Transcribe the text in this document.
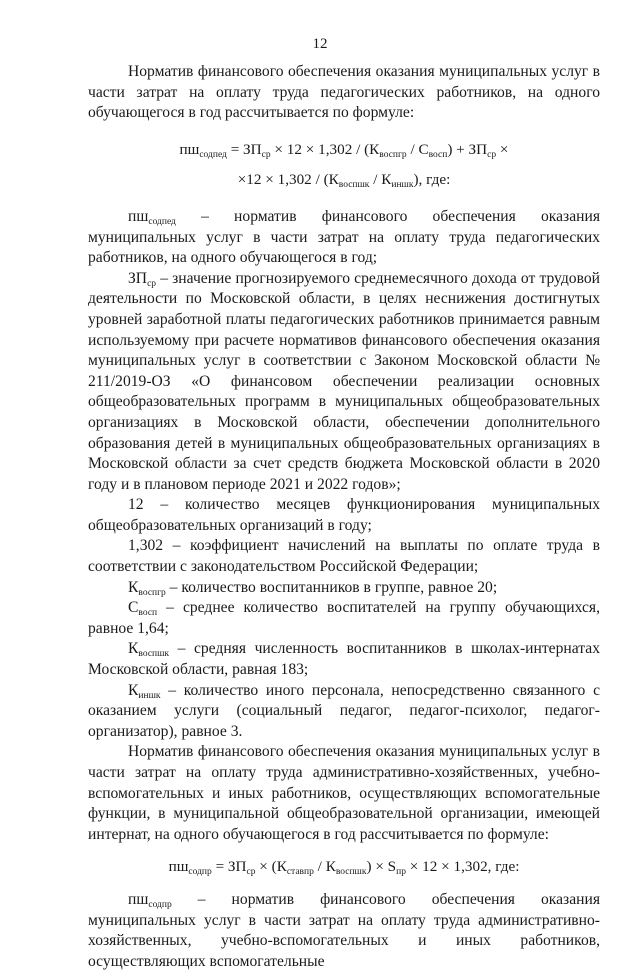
12

Норматив финансового обеспечения оказания муниципальных услуг в части затрат на оплату труда педагогических работников, на одного обучающегося в год рассчитывается по формуле:

$пш_{содпед} = ЗП_{ср} \times 12 \times 1,302 / (К_{воспгр} / С_{восп}) + ЗП_{ср}$ ×

$\times 12 \times 1,302 / (К_{воспшк} / К_{иншк})$, где:

$пш_{содпед}$ – норматив финансового обеспечения оказания муниципальных услуг в части затрат на оплату труда педагогических работников, на одного обучающегося в год;

$ЗП_{ср}$ – значение прогнозируемого среднемесячного дохода от трудовой деятельности по Московской области, в целях неснижения достигнутых уровней заработной платы педагогических работников принимается равным используемому при расчете нормативов финансового обеспечения оказания муниципальных услуг в соответствии с Законом Московской области № 211/2019-ОЗ «О финансовом обеспечении реализации основных общеобразовательных программ в муниципальных общеобразовательных организациях в Московской области, обеспечении дополнительного образования детей в муниципальных общеобразовательных организациях в Московской области за счет средств бюджета Московской области в 2020 году и в плановом периоде 2021 и 2022 годов»;

12 – количество месяцев функционирования муниципальных общеобразовательных организаций в году;

1,302 – коэффициент начислений на выплаты по оплате труда в соответствии с законодательством Российской Федерации;

$К_{воспгр}$ – количество воспитанников в группе, равное 20;

$С_{восп}$ – среднее количество воспитателей на группу обучающихся, равное 1,64;

$К_{воспшк}$ – средняя численность воспитанников в школах-интернатах Московской области, равная 183;

$К_{иншк}$ – количество иного персонала, непосредственно связанного с оказанием услуги (социальный педагог, педагог-психолог, педагог-организатор), равное 3.

Норматив финансового обеспечения оказания муниципальных услуг в части затрат на оплату труда административно-хозяйственных, учебно-вспомогательных и иных работников, осуществляющих вспомогательные функции, в муниципальной общеобразовательной организации, имеющей интернат, на одного обучающегося в год рассчитывается по формуле:

$пш_{содпр} = ЗП_{ср} \times (К_{ставпр} / К_{воспшк}) \times S_{пр} \times 12 \times 1,302$, где:

$пш_{содпр}$ – норматив финансового обеспечения оказания муниципальных услуг в части затрат на оплату труда административно-хозяйственных, учебно-вспомогательных и иных работников, осуществляющих вспомогательные
